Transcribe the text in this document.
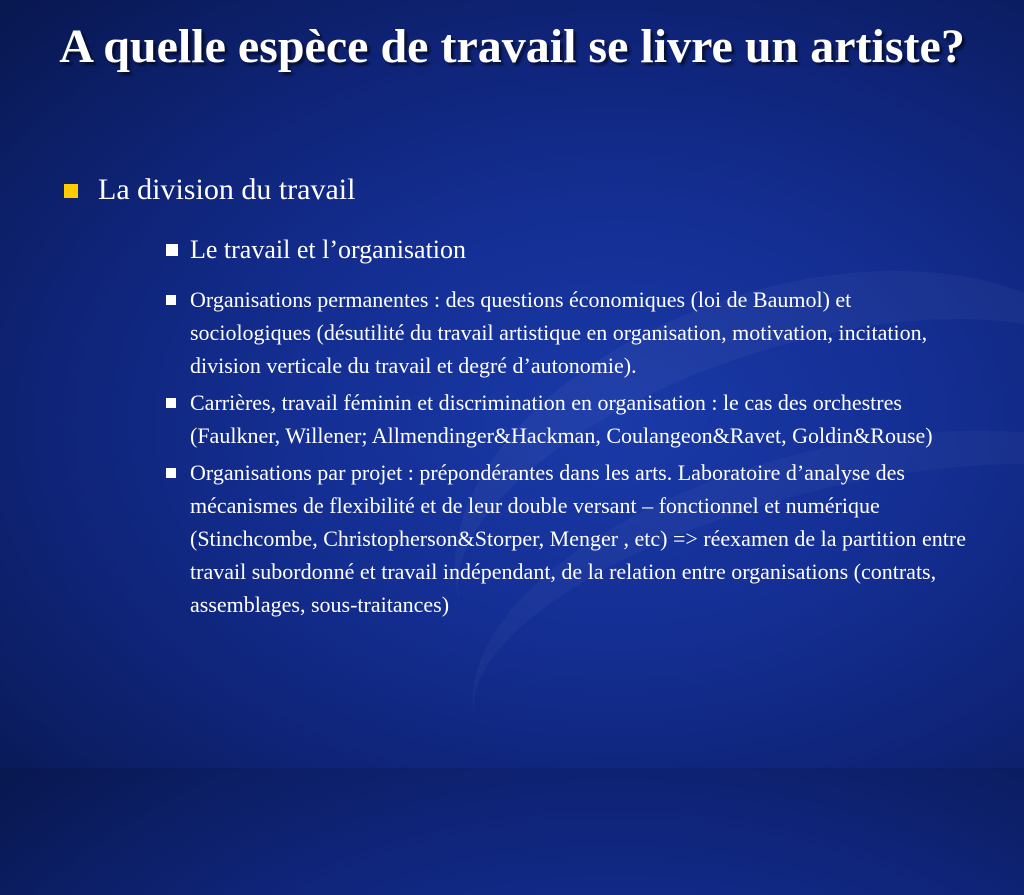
A quelle espèce de travail se livre un artiste?
La division du travail
Le travail et l’organisation
Organisations permanentes : des questions économiques (loi de Baumol) et sociologiques (désutilité du travail artistique en organisation, motivation, incitation, division verticale du travail et degré d’autonomie).
Carrières, travail féminin et discrimination en organisation : le cas des orchestres (Faulkner, Willener; Allmendinger&Hackman, Coulangeon&Ravet, Goldin&Rouse)
Organisations par projet : prépondérantes dans les arts. Laboratoire d’analyse des mécanismes de flexibilité et de leur double versant – fonctionnel et numérique (Stinchcombe, Christopherson&Storper, Menger , etc) => réexamen de la partition entre travail subordonné et travail indépendant, de la relation entre organisations (contrats, assemblages, sous-traitances)
